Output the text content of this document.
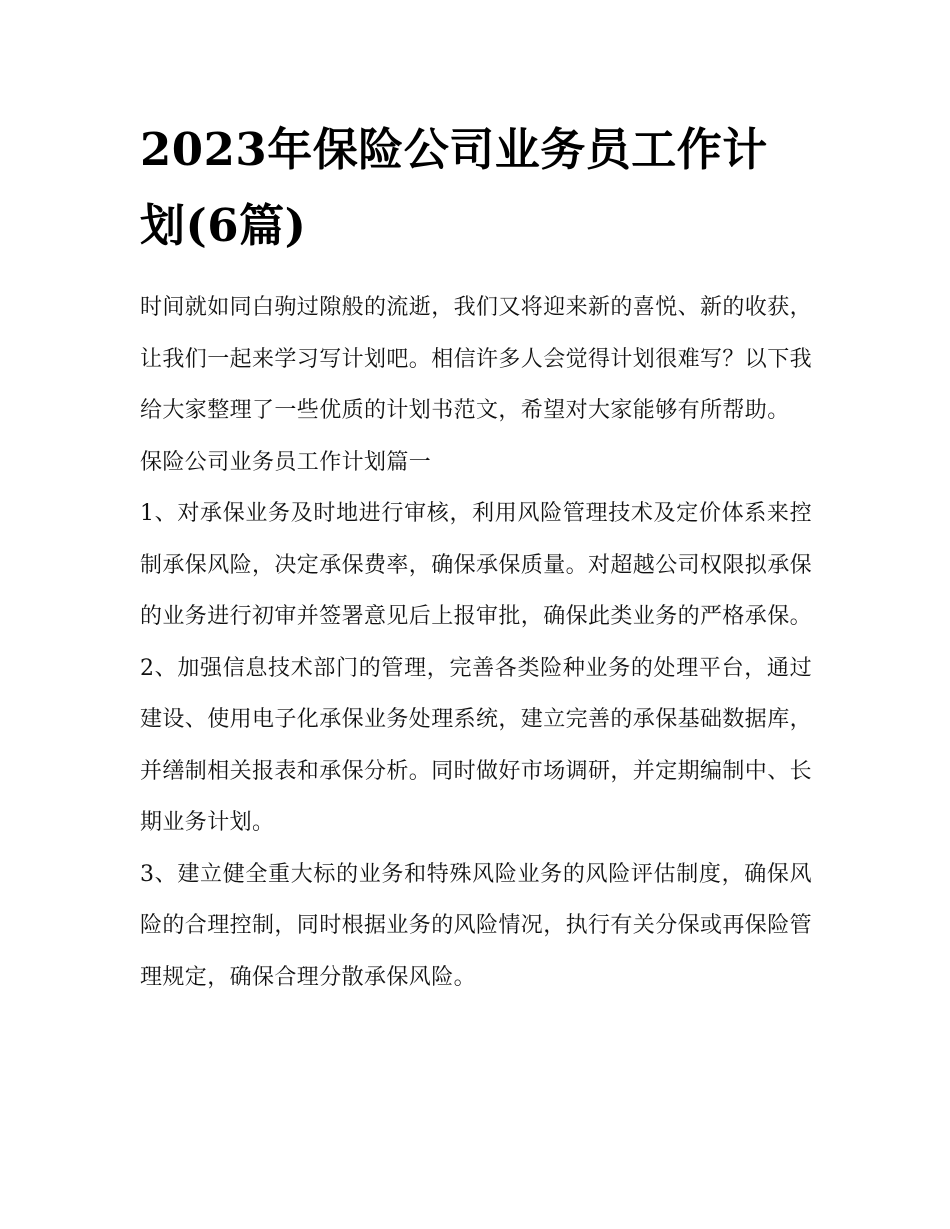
2023年保险公司业务员工作计划(6篇)

时间就如同白驹过隙般的流逝，我们又将迎来新的喜悦、新的收获，让我们一起来学习写计划吧。相信许多人会觉得计划很难写？以下我给大家整理了一些优质的计划书范文，希望对大家能够有所帮助。

保险公司业务员工作计划篇一

1、对承保业务及时地进行审核，利用风险管理技术及定价体系来控制承保风险，决定承保费率，确保承保质量。对超越公司权限拟承保的业务进行初审并签署意见后上报审批，确保此类业务的严格承保。

2、加强信息技术部门的管理，完善各类险种业务的处理平台，通过建设、使用电子化承保业务处理系统，建立完善的承保基础数据库，并缮制相关报表和承保分析。同时做好市场调研，并定期编制中、长期业务计划。

3、建立健全重大标的业务和特殊风险业务的风险评估制度，确保风险的合理控制，同时根据业务的风险情况，执行有关分保或再保险管理规定，确保合理分散承保风险。
